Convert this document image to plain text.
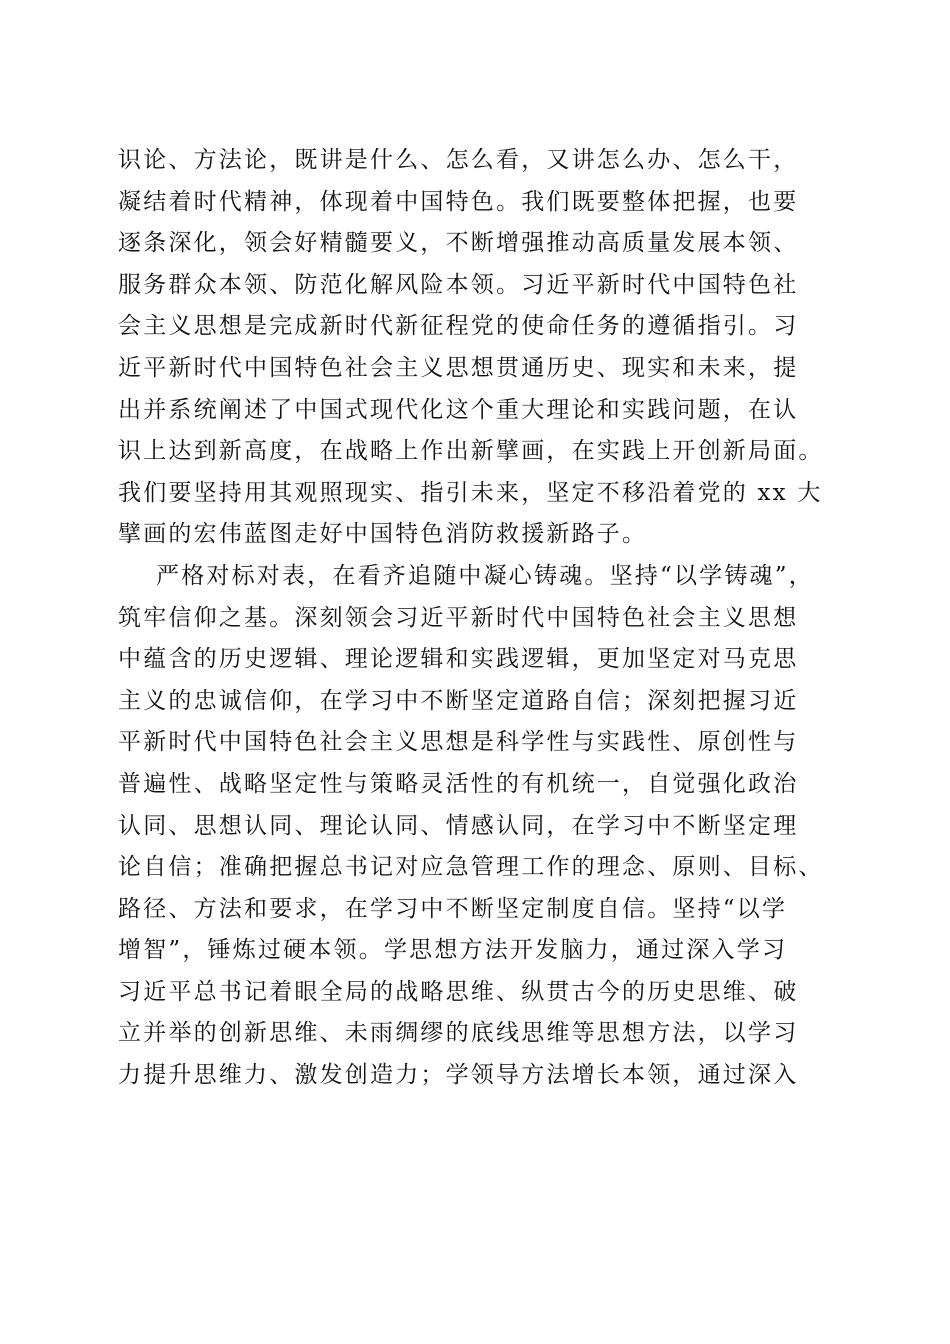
识论、方法论，既讲是什么、怎么看，又讲怎么办、怎么干，
凝结着时代精神，体现着中国特色。我们既要整体把握，也要
逐条深化，领会好精髓要义，不断增强推动高质量发展本领、
服务群众本领、防范化解风险本领。习近平新时代中国特色社
会主义思想是完成新时代新征程党的使命任务的遵循指引。习
近平新时代中国特色社会主义思想贯通历史、现实和未来，提
出并系统阐述了中国式现代化这个重大理论和实践问题，在认
识上达到新高度，在战略上作出新擘画，在实践上开创新局面。
我们要坚持用其观照现实、指引未来，坚定不移沿着党的 xx 大
擘画的宏伟蓝图走好中国特色消防救援新路子。
严格对标对表，在看齐追随中凝心铸魂。坚持“以学铸魂”，
筑牢信仰之基。深刻领会习近平新时代中国特色社会主义思想
中蕴含的历史逻辑、理论逻辑和实践逻辑，更加坚定对马克思
主义的忠诚信仰，在学习中不断坚定道路自信；深刻把握习近
平新时代中国特色社会主义思想是科学性与实践性、原创性与
普遍性、战略坚定性与策略灵活性的有机统一，自觉强化政治
认同、思想认同、理论认同、情感认同，在学习中不断坚定理
论自信；准确把握总书记对应急管理工作的理念、原则、目标、
路径、方法和要求，在学习中不断坚定制度自信。坚持“以学
增智”，锤炼过硬本领。学思想方法开发脑力，通过深入学习
习近平总书记着眼全局的战略思维、纵贯古今的历史思维、破
立并举的创新思维、未雨绸缪的底线思维等思想方法，以学习
力提升思维力、激发创造力；学领导方法增长本领，通过深入
